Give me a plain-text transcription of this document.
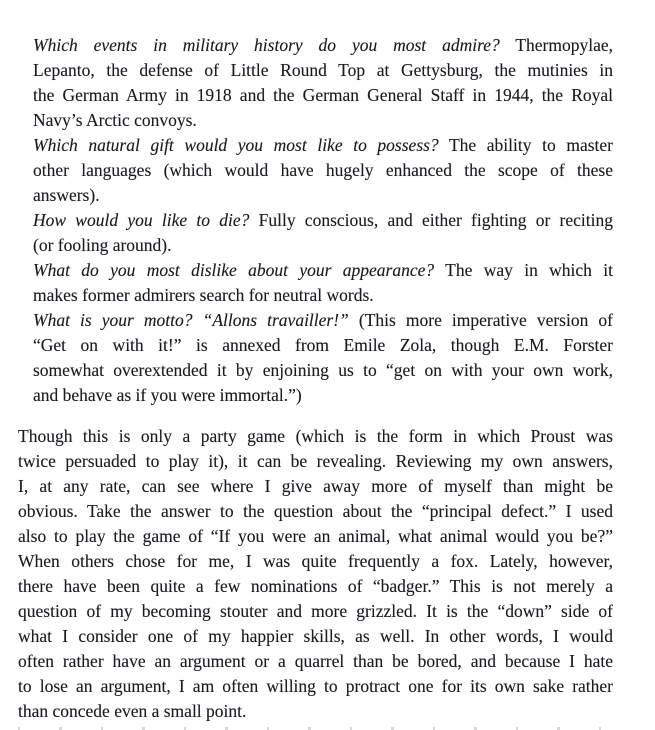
Which events in military history do you most admire? Thermopylae,
Lepanto, the defense of Little Round Top at Gettysburg, the mutinies in
the German Army in 1918 and the German General Staff in 1944, the Royal
Navy’s Arctic convoys.
Which natural gift would you most like to possess? The ability to master
other languages (which would have hugely enhanced the scope of these
answers).
How would you like to die? Fully conscious, and either fighting or reciting
(or fooling around).
What do you most dislike about your appearance? The way in which it
makes former admirers search for neutral words.
What is your motto? “Allons travailler!” (This more imperative version of
“Get on with it!” is annexed from Emile Zola, though E.M. Forster
somewhat overextended it by enjoining us to “get on with your own work,
and behave as if you were immortal.”)
Though this is only a party game (which is the form in which Proust was
twice persuaded to play it), it can be revealing. Reviewing my own answers,
I, at any rate, can see where I give away more of myself than might be
obvious. Take the answer to the question about the “principal defect.” I used
also to play the game of “If you were an animal, what animal would you be?”
When others chose for me, I was quite frequently a fox. Lately, however,
there have been quite a few nominations of “badger.” This is not merely a
question of my becoming stouter and more grizzled. It is the “down” side of
what I consider one of my happier skills, as well. In other words, I would
often rather have an argument or a quarrel than be bored, and because I hate
to lose an argument, I am often willing to protract one for its own sake rather
than concede even a small point.
